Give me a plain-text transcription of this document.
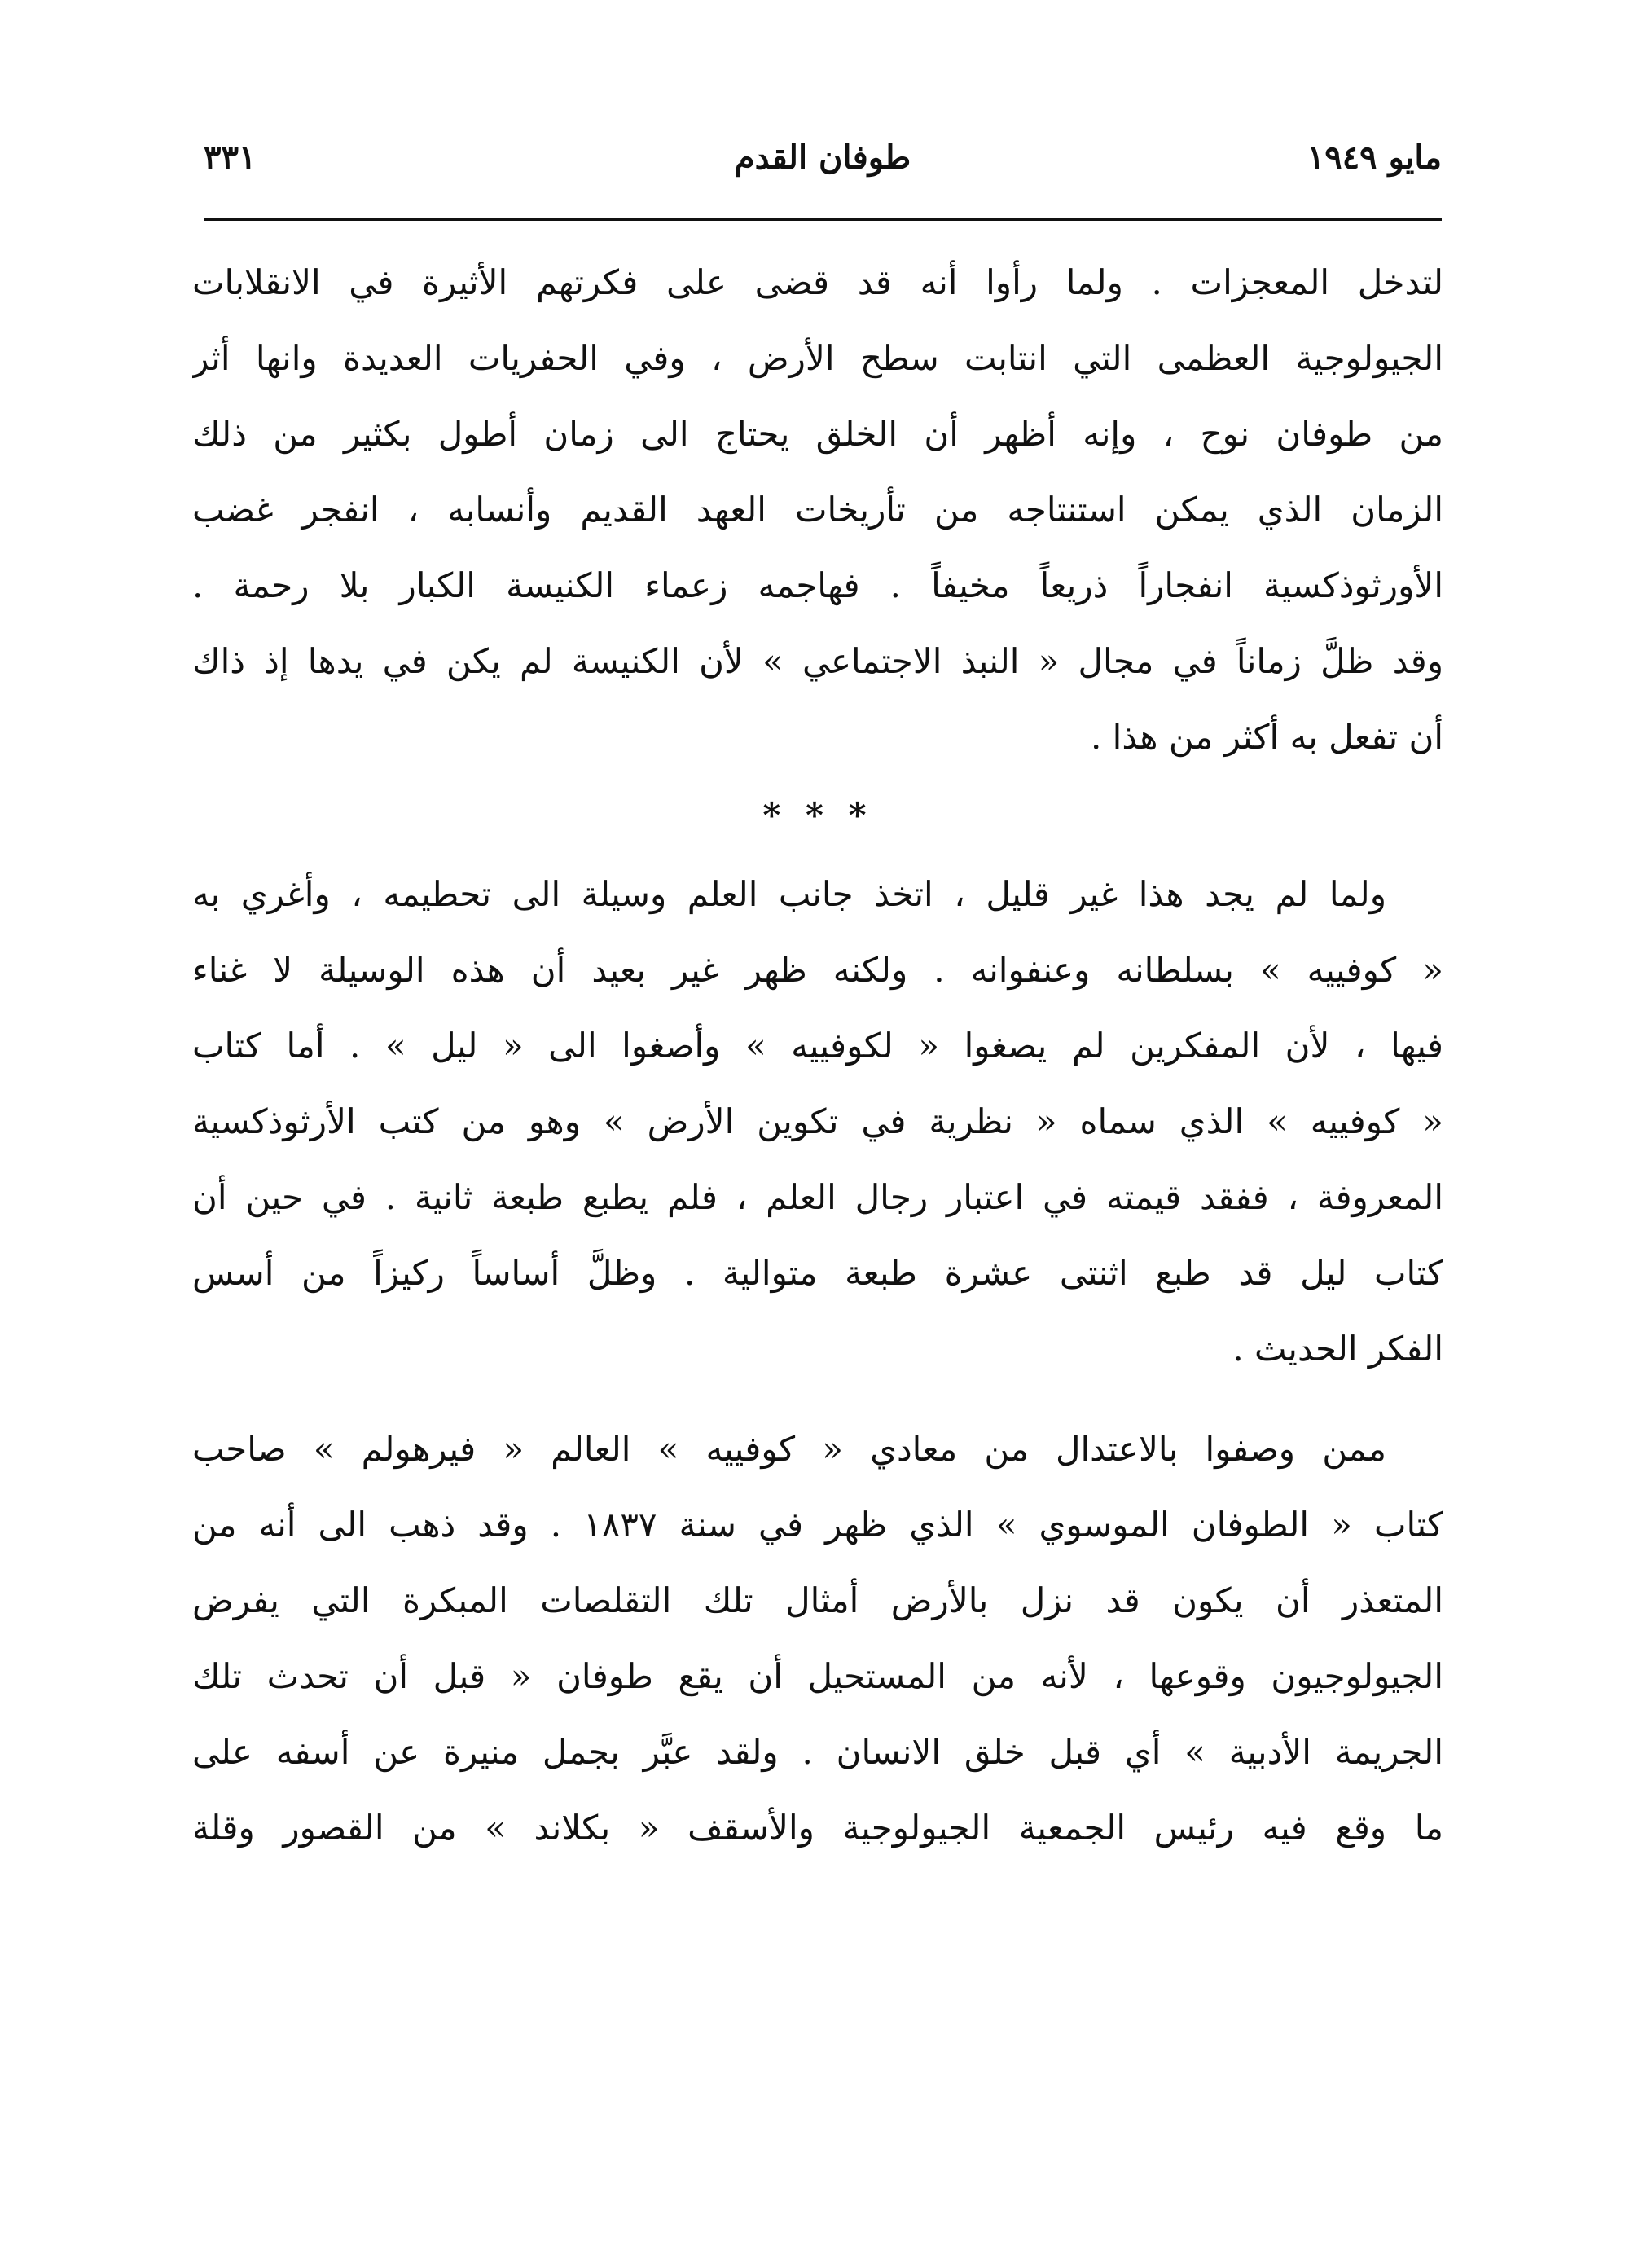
مايو ١٩٤٩
طوفان القدم
٣٣١
لتدخل المعجزات . ولما رأوا أنه قد قضى على فكرتهم الأثيرة في الانقلابات
الجيولوجية العظمى التي انتابت سطح الأرض ، وفي الحفريات العديدة وانها أثر
من طوفان نوح ، وإنه أظهر أن الخلق يحتاج الى زمان أطول بكثير من ذلك
الزمان الذي يمكن استنتاجه من تأريخات العهد القديم وأنسابه ، انفجر غضب
الأورثوذكسية انفجاراً ذريعاً مخيفاً . فهاجمه زعماء الكنيسة الكبار بلا رحمة .
وقد ظلَّ زماناً في مجال « النبذ الاجتماعي » لأن الكنيسة لم يكن في يدها إذ ذاك
أن تفعل به أكثر من هذا .
* * *
ولما لم يجد هذا غير قليل ، اتخذ جانب العلم وسيلة الى تحطيمه ، وأغري به
« كوفييه » بسلطانه وعنفوانه . ولكنه ظهر غير بعيد أن هذه الوسيلة لا غناء
فيها ، لأن المفكرين لم يصغوا « لكوفييه » وأصغوا الى « ليل » . أما كتاب
« كوفييه » الذي سماه « نظرية في تكوين الأرض » وهو من كتب الأرثوذكسية
المعروفة ، ففقد قيمته في اعتبار رجال العلم ، فلم يطبع طبعة ثانية . في حين أن
كتاب ليل قد طبع اثنتى عشرة طبعة متوالية . وظلَّ أساساً ركيزاً من أسس
الفكر الحديث .
ممن وصفوا بالاعتدال من معادي « كوفييه » العالم « فيرهولم » صاحب
كتاب « الطوفان الموسوي » الذي ظهر في سنة ١٨٣٧ . وقد ذهب الى أنه من
المتعذر أن يكون قد نزل بالأرض أمثال تلك التقلصات المبكرة التي يفرض
الجيولوجيون وقوعها ، لأنه من المستحيل أن يقع طوفان « قبل أن تحدث تلك
الجريمة الأدبية » أي قبل خلق الانسان . ولقد عبَّر بجمل منيرة عن أسفه على
ما وقع فيه رئيس الجمعية الجيولوجية والأسقف « بكلاند » من القصور وقلة
